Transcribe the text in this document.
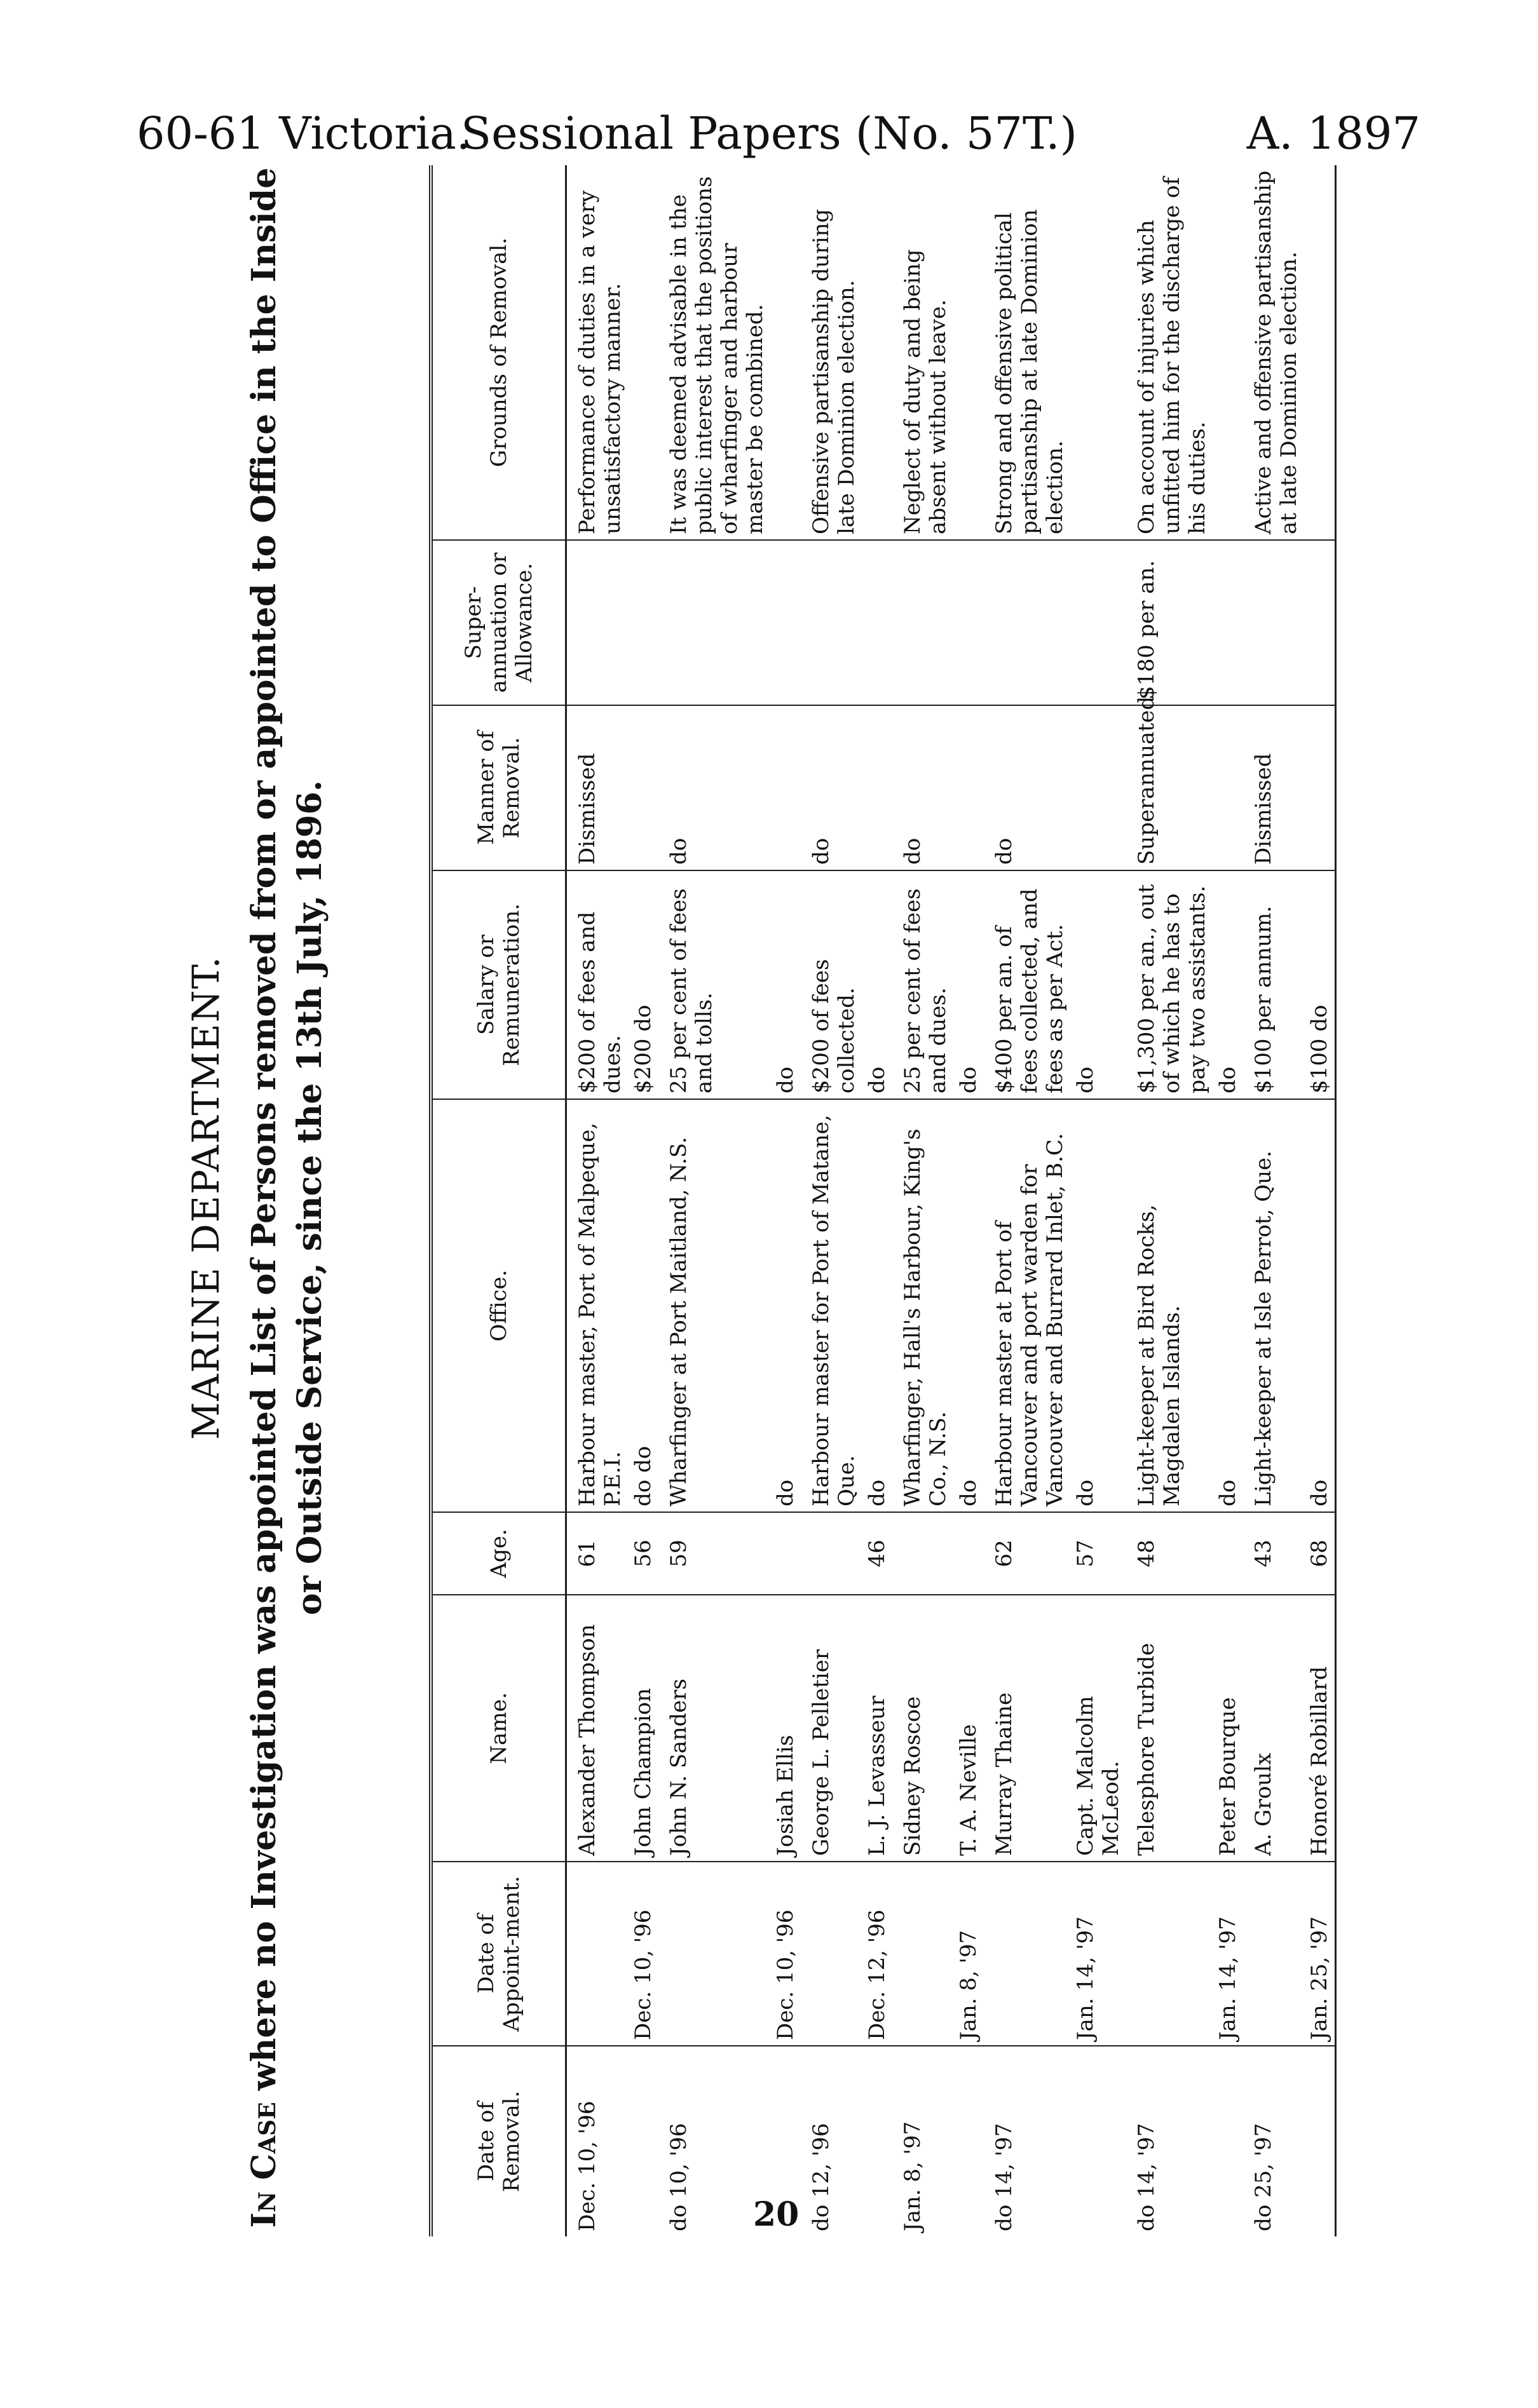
60-61 Victoria.
Sessional Papers (No. 57T.)	A. 1897
MARINE DEPARTMENT.
In Case where no Investigation was appointed List of Persons removed from or appointed to Office in the Inside or Outside Service, since the 13th July, 1896.
Date of Removal.	Date of Appoint-ment.	Name.	Age.	Office.	Salary or Remuneration.	Manner of Removal.	Super-annuation or Allowance.	Grounds of Removal.
Dec. 10, '96		Alexander Thompson	61	Harbour master, Port of Malpeque, P.E.I.	$200 of fees and dues.	Dismissed		Performance of duties in a very unsatisfactory manner.
	Dec. 10, '96	John Champion	56	do do	$200 do			
do 10, '96		John N. Sanders	59	Wharfinger at Port Maitland, N.S.	25 per cent of fees and tolls.	do		It was deemed advisable in the public interest that the positions of wharfinger and harbour master be combined.
	Dec. 10, '96	Josiah Ellis		do	do			
do 12, '96		George L. Pelletier		Harbour master for Port of Matane, Que.	$200 of fees collected.	do		Offensive partisanship during late Dominion election.
	Dec. 12, '96	L. J. Levasseur	46	do	do			
Jan. 8, '97		Sidney Roscoe		Wharfinger, Hall's Harbour, King's Co., N.S.	25 per cent of fees and dues.	do		Neglect of duty and being absent without leave.
	Jan. 8, '97	T. A. Neville		do	do			
do 14, '97		Murray Thaine	62	Harbour master at Port of Vancouver and port warden for Vancouver and Burrard Inlet, B.C.	$400 per an. of fees collected, and fees as per Act.	do		Strong and offensive political partisanship at late Dominion election.
	Jan. 14, '97	Capt. Malcolm McLeod.	57	do	do			
do 14, '97		Telesphore Turbide	48	Light-keeper at Bird Rocks, Magdalen Islands.	$1,300 per an., out of which he has to pay two assistants.	Superannuated.	$180 per an.	On account of injuries which unfitted him for the discharge of his duties.
	Jan. 14, '97	Peter Bourque		do	do			
do 25, '97		A. Groulx	43	Light-keeper at Isle Perrot, Que.	$100 per annum.	Dismissed		Active and offensive partisanship at late Dominion election.
	Jan. 25, '97	Honoré Robillard	68	do	$100 do			
20
